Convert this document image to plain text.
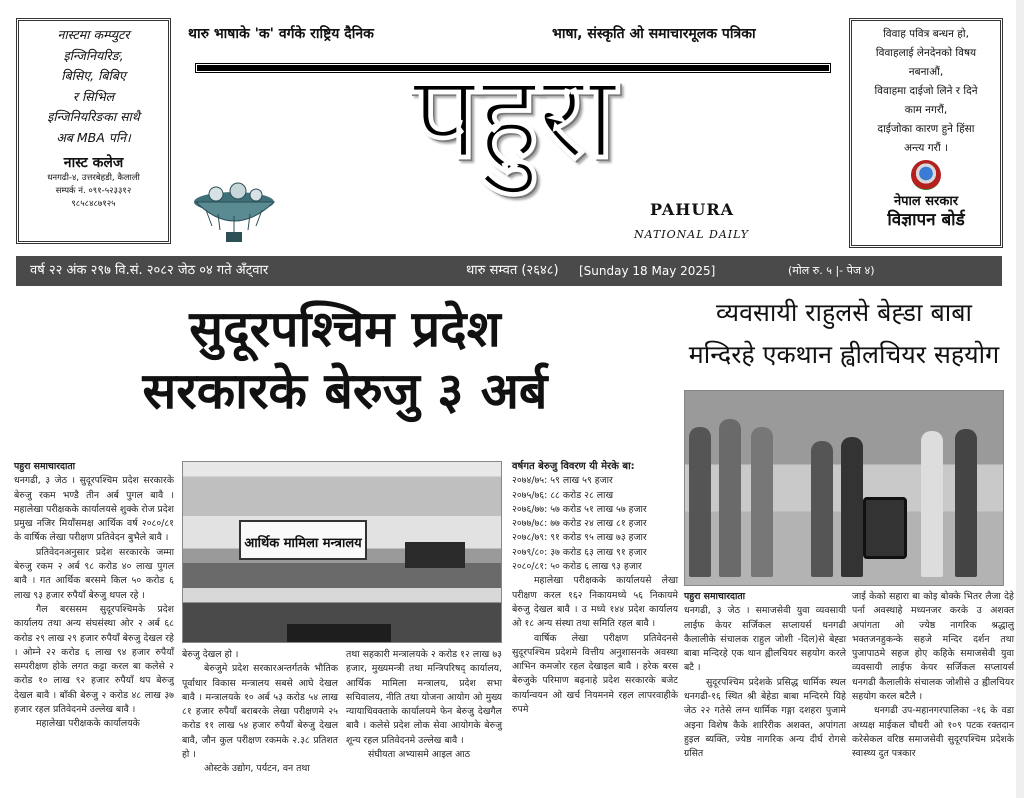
नास्टमा कम्प्युटर
इन्जिनियरिङ,
बिसिए, बिबिए
र सिभिल
इन्जिनियरिङका साथै
अब MBA पनि।
नास्ट कलेज
धनगढी-४, उत्तरबेहडी, कैलाली
सम्पर्क नं. ०९१-५२३३१२
९८५८४८७१२५
थारु भाषाके 'क' वर्गके राष्ट्रिय दैनिक	भाषा, संस्कृति ओ समाचारमूलक पत्रिका
पहुरा
PAHURA
NATIONAL DAILY
विवाह पवित्र बन्धन हो,
विवाहलाई लेनदेनको विषय
नबनाऔं,
विवाहमा दाईजो लिने र दिने
काम नगरौं,
दाईजोका कारण हुने हिंसा
अन्त्य गरौं ।
नेपाल सरकार
विज्ञापन बोर्ड
वर्ष २२ अंक २९७ वि.सं. २०८२ जेठ ०४ गते अँट्वार	थारु सम्वत (२६४८) [Sunday 18 May 2025]	(मोल रु. ५ |- पेज ४)
सुदूरपश्चिम प्रदेश
सरकारके बेरुजु ३ अर्ब
व्यवसायी राहुलसे बेह्डा बाबा
मन्दिरहे एकथान ह्वीलचियर सहयोग

पहुरा समाचारदाता

धनगढी, ३ जेठ । सुदूरपश्चिम प्रदेश सरकारके बेरुजु रकम भण्डै तीन अर्ब पुगल बावै । महालेखा परीक्षकके कार्यालयसे शुक्के रोज प्रदेश प्रमुख नजिर मियाँसमक्ष आर्थिक वर्ष २०८०/८१ के वार्षिक लेखा परीक्षण प्रतिवेदन बुभैले बावै ।

प्रतिवेदनअनुसार प्रदेश सरकारके जम्मा बेरुजु रकम २ अर्ब ९८ करोड ४० लाख पुगल बावै । गत आर्थिक बरसमे किल ५० करोड ६ लाख ९३ हजार रुपैयाँ बेरुजु थपल रहे ।

गैल बरससम सुदूरपश्चिमके प्रदेश कार्यालय तथा अन्य संघसंस्था ओर २ अर्ब ६८ करोड २९ लाख २९ हजार रुपैयाँ बेरुजु देखल रहे । ओम्ने २२ करोड ६ लाख ९४ हजार रुपैयाँ सम्परीक्षण होके लगत कट्टा करल बा कलेसे २ करोड १० लाख ९२ हजार रुपैयाँ थप बेरुजु देखल बावै । बाँकी बेरुजु २ करोड ४८ लाख ३७ हजार रहल प्रतिवेदनमे उल्लेख बावै ।

महालेखा परीक्षकके कार्यालयके

आर्थिक मामिला मन्त्रालय

बेरुजु देखल हो ।

बेरुजुमे प्रदेश सरकारअन्तर्गतके भौतिक पूर्वाधार विकास मन्त्रालय सबसे आघे देखल बावै । मन्त्रालयके १० अर्ब ५३ करोड ५४ लाख ८१ हजार रुपैयाँ बराबरके लेखा परीक्षणमे २५ करोड ११ लाख ५४ हजार रुपैयाँ बेरुजु देखल बावै, जौन कुल परीक्षण रकमके २.३८ प्रतिशत हो ।

ओस्टके उद्योग, पर्यटन, वन तथा

तथा सहकारी मन्त्रालयके २ करोड १२ लाख ७३ हजार, मुख्यमन्त्री तथा मन्त्रिपरिषद् कार्यालय, आर्थिक मामिला मन्त्रालय, प्रदेश सभा सचिवालय, नीति तथा योजना आयोग ओ मुख्य न्यायाधिवक्ताके कार्यालयमे फेन बेरुजु देखगैल बावै । कलेसे प्रदेश लोक सेवा आयोगके बेरुजु शून्य रहल प्रतिवेदनमे उल्लेख बावै ।

संघीयता अभ्यासमे आइल आठ

वर्षगत बेरुजु विवरण यी मेरके बा:

२०७४/७५: ५९ लाख ५९ हजार

२०७५/७६: ८८ करोड २८ लाख

२०७६/७७: ५७ करोड ५१ लाख ५७ हजार

२०७७/७८: ७७ करोड २४ लाख ८१ हजार

२०७८/७९: ९१ करोड ९५ लाख ७३ हजार

२०७९/८०: ३७ करोड ६३ लाख ९१ हजार

२०८०/८१: ५० करोड ६ लाख ९३ हजार

महालेखा परीक्षकके कार्यालयसे लेखा परीक्षण करल १६२ निकायमध्ये ५६ निकायमे बेरुजु देखल बावै । उ मध्ये १४४ प्रदेश कार्यालय ओ १८ अन्य संस्था तथा समिति रहल बावै ।

वार्षिक लेखा परीक्षण प्रतिवेदनसे सुदूरपश्चिम प्रदेशमे वित्तीय अनुशासनके अवस्था आभिन कमजोर रहल देखाइल बावै । हरेक बरस बेरुजुके परिमाण बढ़नाहे प्रदेश सरकारके बजेट कार्यान्वयन ओ खर्च नियमनमे रहल लापरवाहीके रुपमे

पहुरा समाचारदाता

धनगढी, ३ जेठ । समाजसेवी युवा व्यवसायी लाईफ केयर सर्जिकल सप्लायर्स धनगढी कैलालीके संचालक राहुल जोशी -दिल)से बेह्डा बाबा मन्दिरहे एक थान ह्वीलचियर सहयोग करले बटै ।

सुदूरपश्चिम प्रदेशके प्रसिद्ध धार्मिक स्थल धनगढी-१६ स्थित श्री बेहेडा बाबा मन्दिरमे यिहे जेठ २२ गतेसे लग्न धार्मिक गङ्गा दशहरा पुजामे अइना विशेष कैके शारिरीक अशक्त, अपांगता हुइल ब्यक्ति, ज्येष्ठ नागरिक अन्य दीर्घ रोगसे ग्रसित

जाई केको सहारा बा कोइ बोक्के भितर लैजा देहे पर्ना अवस्थाहे मध्यनजर करके उ अशक्त अपांगता ओ ज्येष्ठ नागरिक श्रद्धालु भक्तजनहुकन्के सहजे मन्दिर दर्शन तथा पुजापाठमे सहज होए कहिके समाजसेवी युवा व्यवसायी लाईफ केयर सर्जिकल सप्लायर्स धनगढी कैलालीके संचालक जोशीसे उ ह्वीलचियर सहयोग करल बटैलै ।

धनगढी उप-महानगरपालिका -१६ के वडा अध्यक्ष माईकल चौधरी ओ १०९ पटक रक्तदान करेसेकल वरिष्ठ समाजसेवी सुदूरपश्चिम प्रदेशके स्वास्थ्य दुत पत्रकार
